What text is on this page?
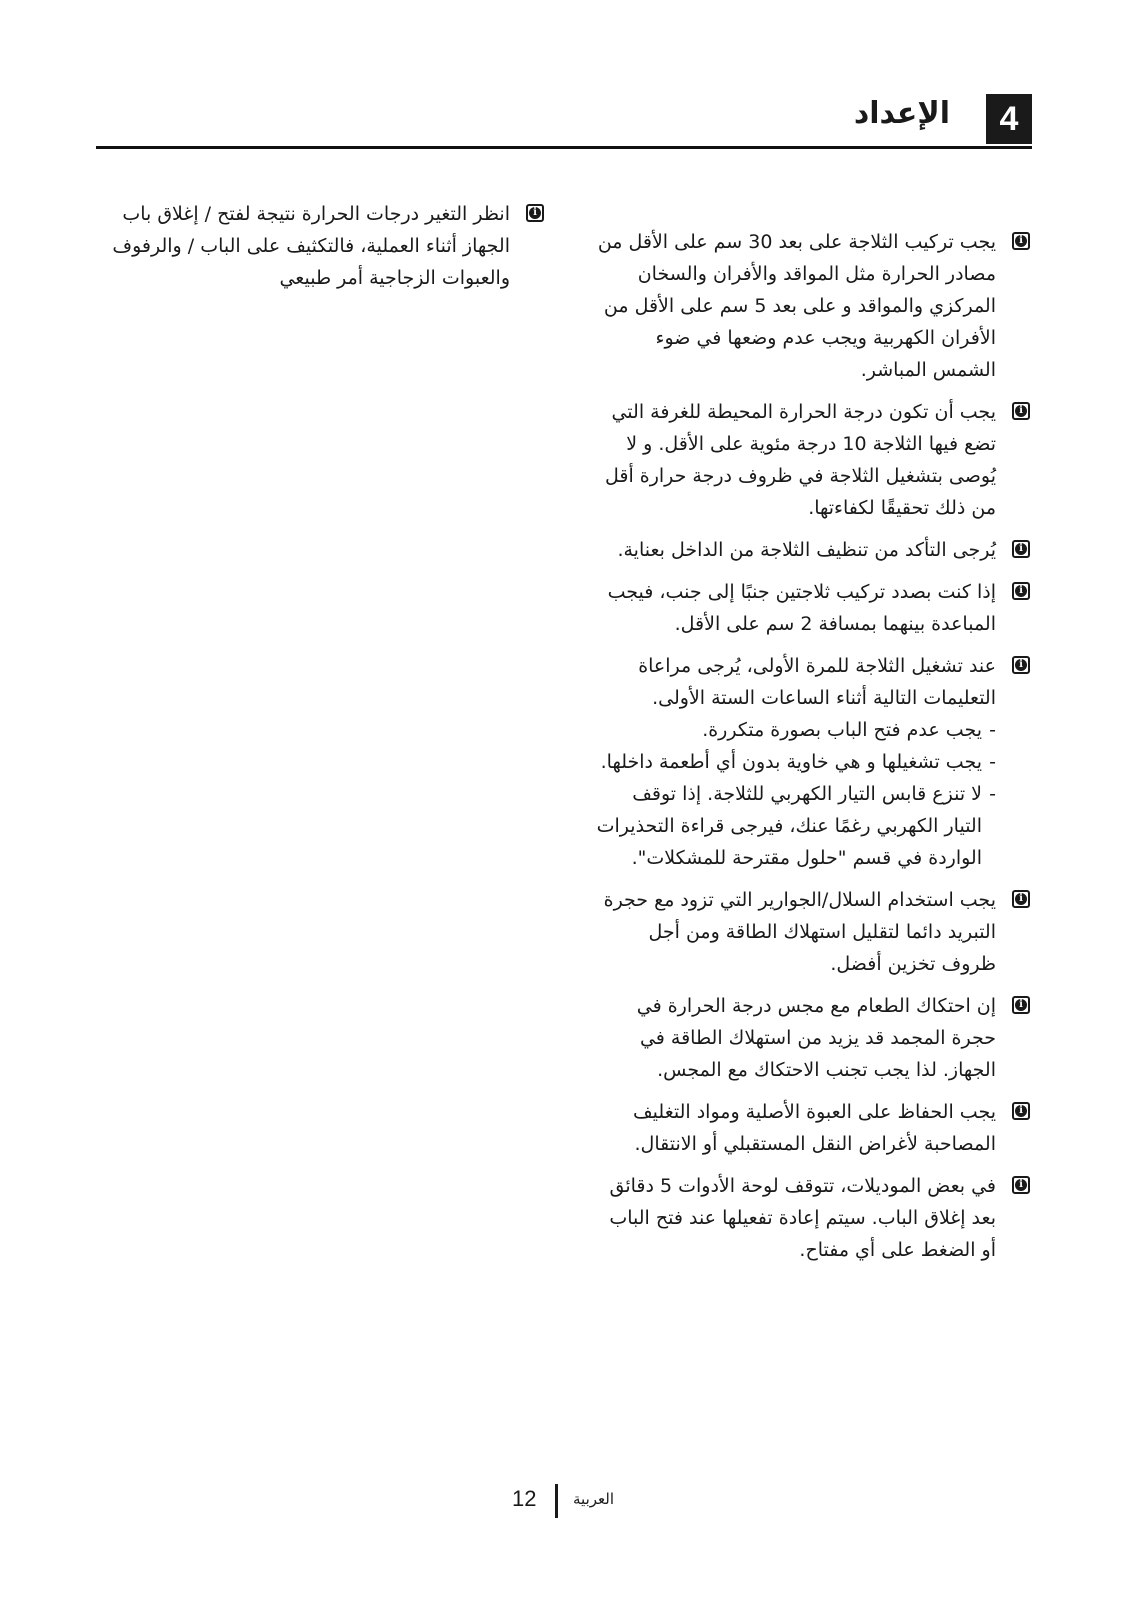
4
الإعداد
i

يجب تركيب الثلاجة على بعد 30 سم على الأقل من مصادر الحرارة مثل المواقد والأفران والسخان المركزي والمواقد و على بعد 5 سم على الأقل من الأفران الكهربية ويجب عدم وضعها في ضوء الشمس المباشر.

i

يجب أن تكون درجة الحرارة المحيطة للغرفة التي تضع فيها الثلاجة 10 درجة مئوية على الأقل. و لا يُوصى بتشغيل الثلاجة في ظروف درجة حرارة أقل من ذلك تحقيقًا لكفاءتها.

i

يُرجى التأكد من تنظيف الثلاجة من الداخل بعناية.

i

إذا كنت بصدد تركيب ثلاجتين جنبًا إلى جنب، فيجب المباعدة بينهما بمسافة 2 سم على الأقل.

i

عند تشغيل الثلاجة للمرة الأولى، يُرجى مراعاة التعليمات التالية أثناء الساعات الستة الأولى.

- يجب عدم فتح الباب بصورة متكررة.
- يجب تشغيلها و هي خاوية بدون أي أطعمة داخلها.
- لا تنزع قابس التيار الكهربي للثلاجة. إذا توقف التيار الكهربي رغمًا عنك، فيرجى قراءة التحذيرات الواردة في قسم "حلول مقترحة للمشكلات".
i

يجب استخدام السلال/الجوارير التي تزود مع حجرة التبريد دائما لتقليل استهلاك الطاقة ومن أجل ظروف تخزين أفضل.

i

إن احتكاك الطعام مع مجس درجة الحرارة في حجرة المجمد قد يزيد من استهلاك الطاقة في الجهاز. لذا يجب تجنب الاحتكاك مع المجس.

i

يجب الحفاظ على العبوة الأصلية ومواد التغليف المصاحبة لأغراض النقل المستقبلي أو الانتقال.

i

في بعض الموديلات، تتوقف لوحة الأدوات 5 دقائق بعد إغلاق الباب. سيتم إعادة تفعيلها عند فتح الباب أو الضغط على أي مفتاح.

i

انظر التغير درجات الحرارة نتيجة لفتح / إغلاق باب الجهاز أثناء العملية، فالتكثيف على الباب / والرفوف والعبوات الزجاجية أمر طبيعي

12 العربية
